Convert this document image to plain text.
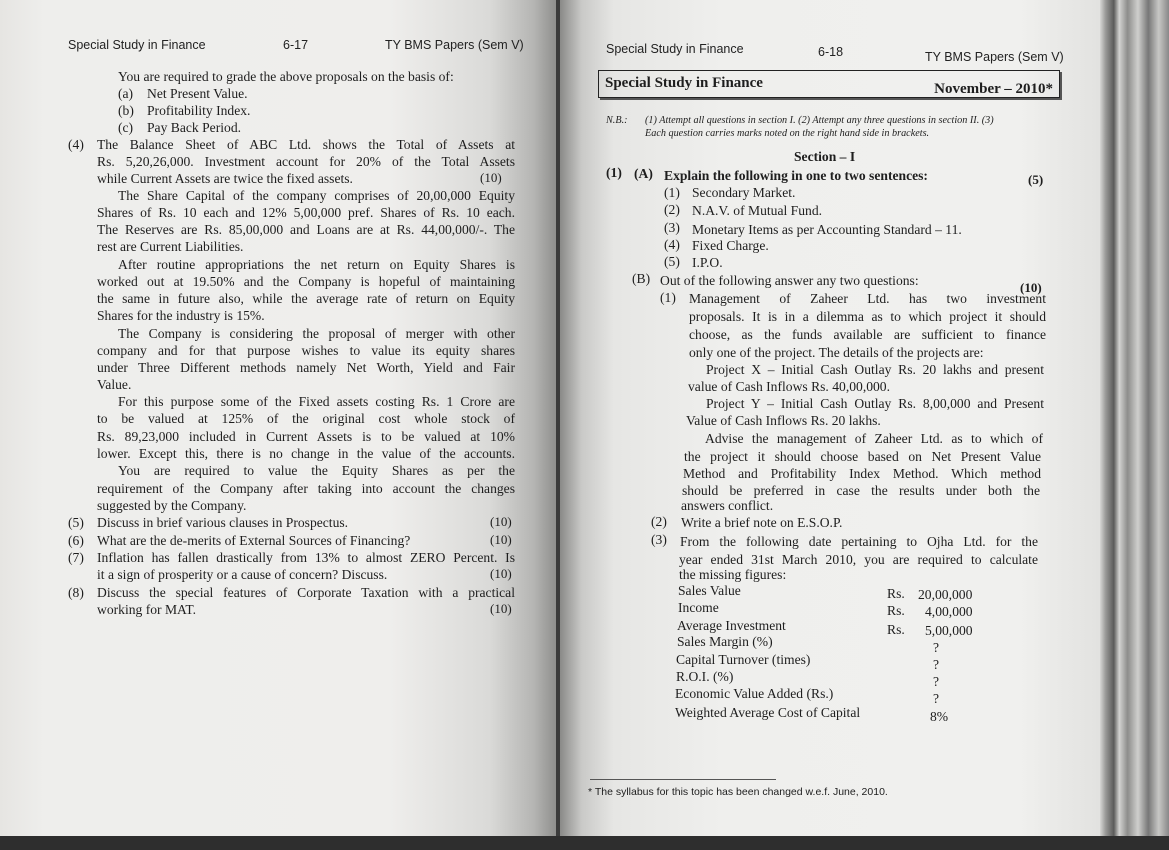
Special Study in Finance	6-17	TY BMS Papers (Sem V)
You are required to grade the above proposals on the basis of:
(a) Net Present Value.
(b) Profitability Index.
(c) Pay Back Period.
(4) The Balance Sheet of ABC Ltd. shows the Total of Assets at
Rs. 5,20,26,000. Investment account for 20% of the Total Assets
while Current Assets are twice the fixed assets.	(10)
The Share Capital of the company comprises of 20,00,000 Equity
Shares of Rs. 10 each and 12% 5,00,000 pref. Shares of Rs. 10 each.
The Reserves are Rs. 85,00,000 and Loans are at Rs. 44,00,000/-. The
rest are Current Liabilities.
After routine appropriations the net return on Equity Shares is
worked out at 19.50% and the Company is hopeful of maintaining
the same in future also, while the average rate of return on Equity
Shares for the industry is 15%.
The Company is considering the proposal of merger with other
company and for that purpose wishes to value its equity shares
under Three Different methods namely Net Worth, Yield and Fair
Value.
For this purpose some of the Fixed assets costing Rs. 1 Crore are
to be valued at 125% of the original cost whole stock of
Rs. 89,23,000 included in Current Assets is to be valued at 10%
lower. Except this, there is no change in the value of the accounts.
You are required to value the Equity Shares as per the
requirement of the Company after taking into account the changes
suggested by the Company.
(5) Discuss in brief various clauses in Prospectus.	(10)
(6) What are the de-merits of External Sources of Financing?	(10)
(7) Inflation has fallen drastically from 13% to almost ZERO Percent. Is
it a sign of prosperity or a cause of concern? Discuss.	(10)
(8) Discuss the special features of Corporate Taxation with a practical
working for MAT.	(10)
Special Study in Finance	6-18	TY BMS Papers (Sem V)
Special Study in Finance	November – 2010*
N.B.: (1) Attempt all questions in section I. (2) Attempt any three questions in section II. (3)
Each question carries marks noted on the right hand side in brackets.
Section – I
(1) (A) Explain the following in one to two sentences:	(5)
(1) Secondary Market.
(2) N.A.V. of Mutual Fund.
(3) Monetary Items as per Accounting Standard – 11.
(4) Fixed Charge.
(5) I.P.O.
(B) Out of the following answer any two questions:	(10)
(1) Management of Zaheer Ltd. has two investment
proposals. It is in a dilemma as to which project it should
choose, as the funds available are sufficient to finance
only one of the project. The details of the projects are:
Project X – Initial Cash Outlay Rs. 20 lakhs and present
value of Cash Inflows Rs. 40,00,000.
Project Y – Initial Cash Outlay Rs. 8,00,000 and Present
Value of Cash Inflows Rs. 20 lakhs.
Advise the management of Zaheer Ltd. as to which of
the project it should choose based on Net Present Value
Method and Profitability Index Method. Which method
should be preferred in case the results under both the
answers conflict.
(2) Write a brief note on E.S.O.P.
(3) From the following date pertaining to Ojha Ltd. for the
year ended 31st March 2010, you are required to calculate
the missing figures:
Sales Value	Rs. 20,00,000
Income	Rs. 4,00,000
Average Investment	Rs. 5,00,000
Sales Margin (%)	?
Capital Turnover (times)	?
R.O.I. (%)	?
Economic Value Added (Rs.)	?
Weighted Average Cost of Capital	8%
* The syllabus for this topic has been changed w.e.f. June, 2010.
